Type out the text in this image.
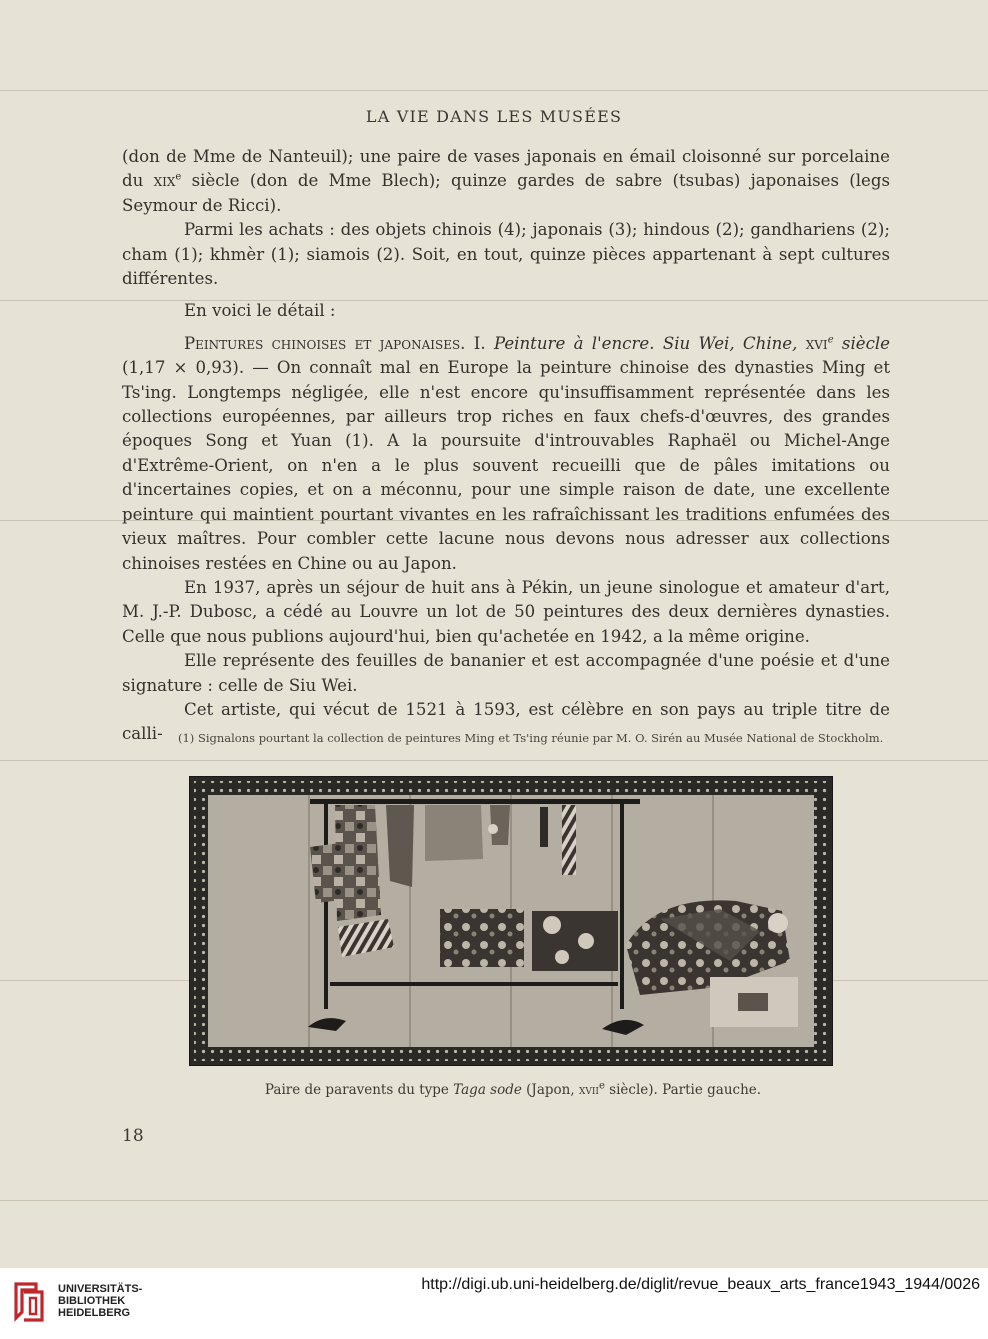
LA VIE DANS LES MUSÉES

(don de Mme de Nanteuil); une paire de vases japonais en émail cloisonné sur porcelaine du xix$^e$ siècle (don de Mme Blech); quinze gardes de sabre (tsubas) japonaises (legs Seymour de Ricci).

Parmi les achats : des objets chinois (4); japonais (3); hindous (2); gandhariens (2); cham (1); khmèr (1); siamois (2). Soit, en tout, quinze pièces appartenant à sept cultures différentes.

En voici le détail :

Peintures chinoises et japonaises. I. Peinture à l'encre. Siu Wei, Chine, xvi$^e$ siècle (1,17 × 0,93). — On connaît mal en Europe la peinture chinoise des dynasties Ming et Ts'ing. Longtemps négligée, elle n'est encore qu'insuffisamment représentée dans les collections européennes, par ailleurs trop riches en faux chefs-d'œuvres, des grandes époques Song et Yuan (1). A la poursuite d'introuvables Raphaël ou Michel-Ange d'Extrême-Orient, on n'en a le plus souvent recueilli que de pâles imitations ou d'incertaines copies, et on a méconnu, pour une simple raison de date, une excellente peinture qui maintient pourtant vivantes en les rafraîchissant les traditions enfumées des vieux maîtres. Pour combler cette lacune nous devons nous adresser aux collections chinoises restées en Chine ou au Japon.

En 1937, après un séjour de huit ans à Pékin, un jeune sinologue et amateur d'art, M. J.-P. Dubosc, a cédé au Louvre un lot de 50 peintures des deux dernières dynasties. Celle que nous publions aujourd'hui, bien qu'achetée en 1942, a la même origine.

Elle représente des feuilles de bananier et est accompagnée d'une poésie et d'une signature : celle de Siu Wei.

Cet artiste, qui vécut de 1521 à 1593, est célèbre en son pays au triple titre de calli-	(1) Signalons pourtant la collection de peintures Ming et Ts'ing réunie par M. O. Sirén au Musée National de Stockholm.
Paire de paravents du type Taga sode (Japon, xvii$^e$ siècle). Partie gauche.
18
UNIVERSITÄTS-
BIBLIOTHEK
HEIDELBERG
http://digi.ub.uni-heidelberg.de/diglit/revue_beaux_arts_france1943_1944/0026
